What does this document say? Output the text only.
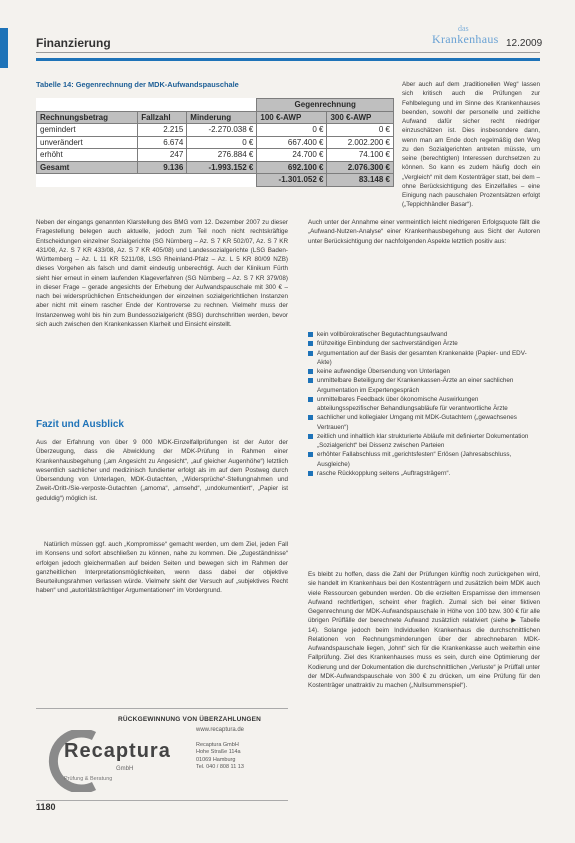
Finanzierung
das
Krankenhaus 12.2009
Tabelle 14: Gegenrechnung der MDK-Aufwandspauschale
			Gegenrechnung	
Rechnungsbetrag	Fallzahl	Minderung	100 €-AWP	300 €-AWP
gemindert	2.215	-2.270.038 €	0 €	0 €
unverändert	6.674	0 €	667.400 €	2.002.200 €
erhöht	247	276.884 €	24.700 €	74.100 €
Gesamt	9.136	-1.993.152 €	692.100 €	2.076.300 €
			-1.301.052 €	83.148 €

Aber auch auf dem „traditionellen Weg“ lassen sich kritisch auch die Prüfungen zur Fehlbelegung und im Sinne des Krankenhauses beenden, sowohl der personelle und zeitliche Aufwand dafür sicher recht niedriger einzuschätzen ist. Dies insbesondere dann, wenn man am Ende doch regelmäßig den Weg zu den Sozialgerichten antreten müsste, um seine (berechtigten) Interessen durchsetzen zu können. So kann es zudem häufig doch ein „Vergleich“ mit dem Kostenträger statt, bei dem – ohne Berücksichtigung des Einzelfalles – eine Einigung nach pauschalen Prozentsätzen erfolgt („Teppichhändler Basar“).

Neben der eingangs genannten Klarstellung des BMG vom 12. Dezember 2007 zu dieser Fragestellung belegen auch aktuelle, jedoch zum Teil noch nicht rechtskräftige Entscheidungen einzelner Sozialgerichte (SG Nürnberg – Az. S 7 KR 502/07, Az. S 7 KR 431/08, Az. S 7 KR 433/08, Az. S 7 KR 405/08) und Landessozialgerichte (LSG Baden-Württemberg – Az. L 11 KR 5211/08, LSG Rheinland-Pfalz – Az. L 5 KR 80/09 NZB) dieses Vorgehen als falsch und damit eindeutig unberechtigt. Auch der Klinikum Fürth sieht hier erneut in einem laufenden Klageverfahren (SG Nürnberg – Az. S 7 KR 379/08) in dieser Frage – gerade angesichts der Erhebung der Aufwandspauschale mit 300 € – nach bei widersprüchlichen Entscheidungen der einzelnen sozialgerichtlichen Instanzen aber nicht mit einem rascher Ende der Kontroverse zu rechnen. Vielmehr muss der Instanzenweg wohl bis hin zum Bundessozialgericht (BSG) durchschritten werden, bevor sich auch zwischen den Krankenkassen Klarheit und Einsicht einstellt.

Auch unter der Annahme einer vermeintlich leicht niedrigeren Erfolgsquote fällt die „Aufwand-Nutzen-Analyse“ einer Krankenhausbegehung aus Sicht der Autoren unter Berücksichtigung der nachfolgenden Aspekte letztlich positiv aus:

kein vollbürokratischer Begutachtungsaufwand
frühzeitige Einbindung der sachverständigen Ärzte
Argumentation auf der Basis der gesamten Krankenakte (Papier- und EDV-Akte)
keine aufwendige Übersendung von Unterlagen
unmittelbare Beteiligung der Krankenkassen-Ärzte an einer sachlichen Argumentation im Expertengespräch
unmittelbares Feedback über ökonomische Auswirkungen abteilungsspezifischer Behandlungsabläufe für verantwortliche Ärzte
sachlicher und kollegialer Umgang mit MDK-Gutachtern („gewachsenes Vertrauen“)
zeitlich und inhaltlich klar strukturierte Abläufe mit definierter Dokumentation „Sozialgericht“ bei Dissenz zwischen Parteien
erhöhter Fallabschluss mit „gerichtsfesten“ Erlösen (Jahresabschluss, Ausgleiche)
rasche Rückkopplung seitens „Auftragsträgern“.

Es bleibt zu hoffen, dass die Zahl der Prüfungen künftig noch zurückgehen wird, sie handelt im Krankenhaus bei den Kostenträgern und zusätzlich beim MDK auch viele Ressourcen gebunden werden. Ob die erzielten Ersparnisse den immensen Aufwand rechtfertigen, scheint eher fraglich. Zumal sich bei einer fiktiven Gegenrechnung der MDK-Aufwandspauschale in Höhe von 100 bzw. 300 € für alle übrigen Prüffälle der berechnete Aufwand zusätzlich relativiert (siehe ▶ Tabelle 14). Solange jedoch beim Individuellen Krankenhaus die durchschnittlichen Relationen von Rechnungsminderungen über der abrechnebaren MDK-Aufwandspauschale liegen, „lohnt“ sich für die Krankenkasse auch weiterhin eine Fallprüfung. Ziel des Krankenhauses muss es sein, durch eine Optimierung der Kodierung und der Dokumentation die durchschnittlichen „Verluste“ je Prüffall unter der MDK-Aufwandspauschale von 300 € zu drücken, um eine Prüfung für den Kostenträger unattraktiv zu machen („Nullsummenspiel“).

Fazit und Ausblick

Aus der Erfahrung von über 9 000 MDK-Einzelfallprüfungen ist der Autor der Überzeugung, dass die Abwicklung der MDK-Prüfung in Rahmen einer Krankenhausbegehung („am Angesicht zu Angesicht“, „auf gleicher Augenhöhe“) letztlich wesentlich sachlicher und medizinisch fundierter erfolgt als im auf dem Postweg durch Übersendung von Unterlagen, MDK-Gutachten, „Widersprüche“-Stellungnahmen und Zweit-/Dritt-/Sie-verposte-Gutachten („amoma“, „amsehd“, „undokumentiert“, „Papier ist geduldig“) möglich ist.

Natürlich müssen ggf. auch „Kompromisse“ gemacht werden, um dem Ziel, jeden Fall im Konsens und sofort abschließen zu können, nahe zu kommen. Die „Zugeständnisse“ erfolgen jedoch gleichermaßen auf beiden Seiten und bewegen sich im Rahmen der ganzheitlichen Interpretationsmöglichkeiten, wenn dass dabei der objektive Beurteilungsrahmen verlassen würde. Vielmehr sieht der Versuch auf „subjektives Recht haben“ und „autoritätsträchtiger Argumentationen“ im Vordergrund.

RÜCKGEWINNUNG VON ÜBERZAHLUNGEN
www.recaptura.de
Recaptura
GmbH
Prüfung & Beratung
Recaptura GmbH
Hohe Straße 114a
01069 Hamburg
Tel. 040 / 808 11 13
1180
